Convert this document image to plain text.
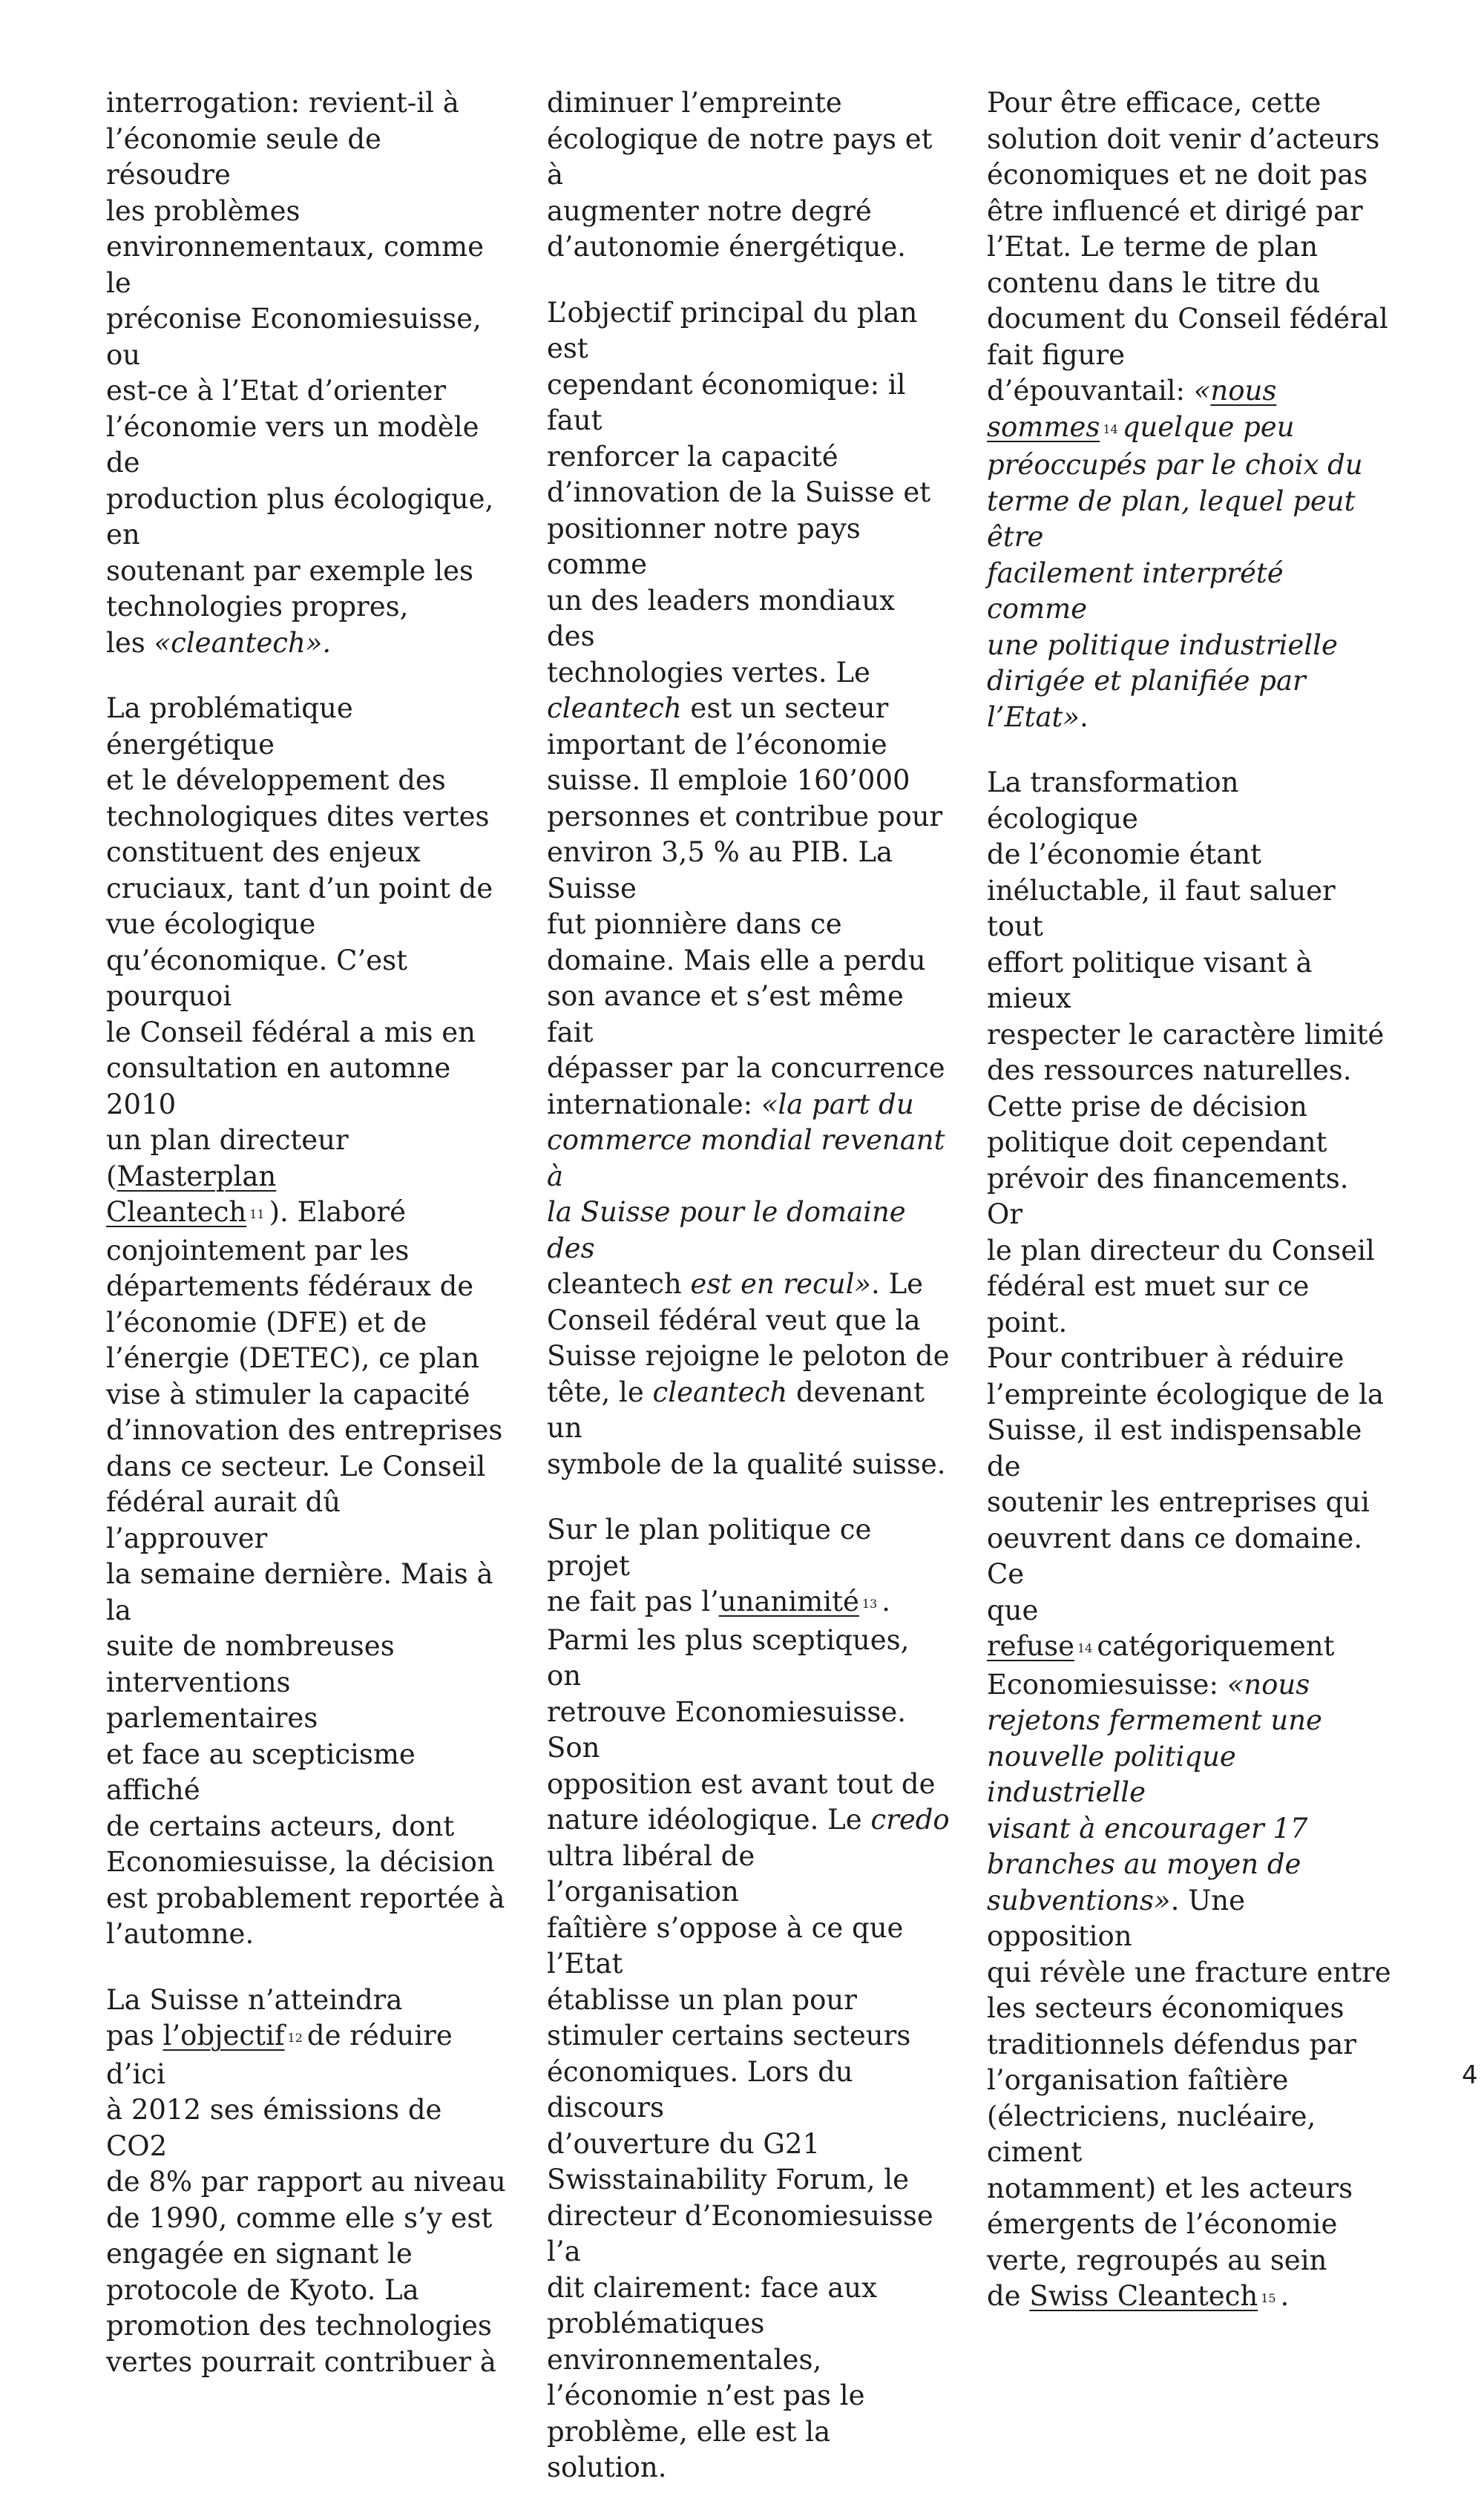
interrogation: revient-il à
l’économie seule de résoudre
les problèmes
environnementaux, comme le
préconise Economiesuisse, ou
est-ce à l’Etat d’orienter
l’économie vers un modèle de
production plus écologique, en
soutenant par exemple les
technologies propres,
les «cleantech».

La problématique énergétique
et le développement des
technologiques dites vertes
constituent des enjeux
cruciaux, tant d’un point de
vue écologique
qu’économique. C’est pourquoi
le Conseil fédéral a mis en
consultation en automne 2010
un plan directeur (Masterplan
Cleantech 11 ). Elaboré
conjointement par les
départements fédéraux de
l’économie (DFE) et de
l’énergie (DETEC), ce plan
vise à stimuler la capacité
d’innovation des entreprises
dans ce secteur. Le Conseil
fédéral aurait dû l’approuver
la semaine dernière. Mais à la
suite de nombreuses
interventions parlementaires
et face au scepticisme affiché
de certains acteurs, dont
Economiesuisse, la décision
est probablement reportée à
l’automne.

La Suisse n’atteindra
pas l’objectif 12 de réduire d’ici
à 2012 ses émissions de CO2
de 8% par rapport au niveau
de 1990, comme elle s’y est
engagée en signant le
protocole de Kyoto. La
promotion des technologies
vertes pourrait contribuer à

diminuer l’empreinte
écologique de notre pays et à
augmenter notre degré
d’autonomie énergétique.

L’objectif principal du plan est
cependant économique: il faut
renforcer la capacité
d’innovation de la Suisse et
positionner notre pays comme
un des leaders mondiaux des
technologies vertes. Le
cleantech est un secteur
important de l’économie
suisse. Il emploie 160’000
personnes et contribue pour
environ 3,5 % au PIB. La Suisse
fut pionnière dans ce
domaine. Mais elle a perdu
son avance et s’est même fait
dépasser par la concurrence
internationale: «la part du
commerce mondial revenant à
la Suisse pour le domaine des
cleantech est en recul». Le
Conseil fédéral veut que la
Suisse rejoigne le peloton de
tête, le cleantech devenant un
symbole de la qualité suisse.

Sur le plan politique ce projet
ne fait pas l’unanimité 13 .
Parmi les plus sceptiques, on
retrouve Economiesuisse. Son
opposition est avant tout de
nature idéologique. Le credo
ultra libéral de l’organisation
faîtière s’oppose à ce que l’Etat
établisse un plan pour
stimuler certains secteurs
économiques. Lors du discours
d’ouverture du G21
Swisstainability Forum, le
directeur d’Economiesuisse l’a
dit clairement: face aux
problématiques
environnementales,
l’économie n’est pas le
problème, elle est la solution.

Pour être efficace, cette
solution doit venir d’acteurs
économiques et ne doit pas
être influencé et dirigé par
l’Etat. Le terme de plan
contenu dans le titre du
document du Conseil fédéral
fait figure
d’épouvantail: «nous
sommes 14 quelque peu
préoccupés par le choix du
terme de plan, lequel peut être
facilement interprété comme
une politique industrielle
dirigée et planifiée par l’Etat».

La transformation écologique
de l’économie étant
inéluctable, il faut saluer tout
effort politique visant à mieux
respecter le caractère limité
des ressources naturelles.
Cette prise de décision
politique doit cependant
prévoir des financements. Or
le plan directeur du Conseil
fédéral est muet sur ce point.
Pour contribuer à réduire
l’empreinte écologique de la
Suisse, il est indispensable de
soutenir les entreprises qui
oeuvrent dans ce domaine. Ce
que refuse 14 catégoriquement
Economiesuisse: «nous
rejetons fermement une
nouvelle politique industrielle
visant à encourager 17
branches au moyen de
subventions». Une opposition
qui révèle une fracture entre
les secteurs économiques
traditionnels défendus par
l’organisation faîtière
(électriciens, nucléaire, ciment
notamment) et les acteurs
émergents de l’économie
verte, regroupés au sein
de Swiss Cleantech 15 .

4
